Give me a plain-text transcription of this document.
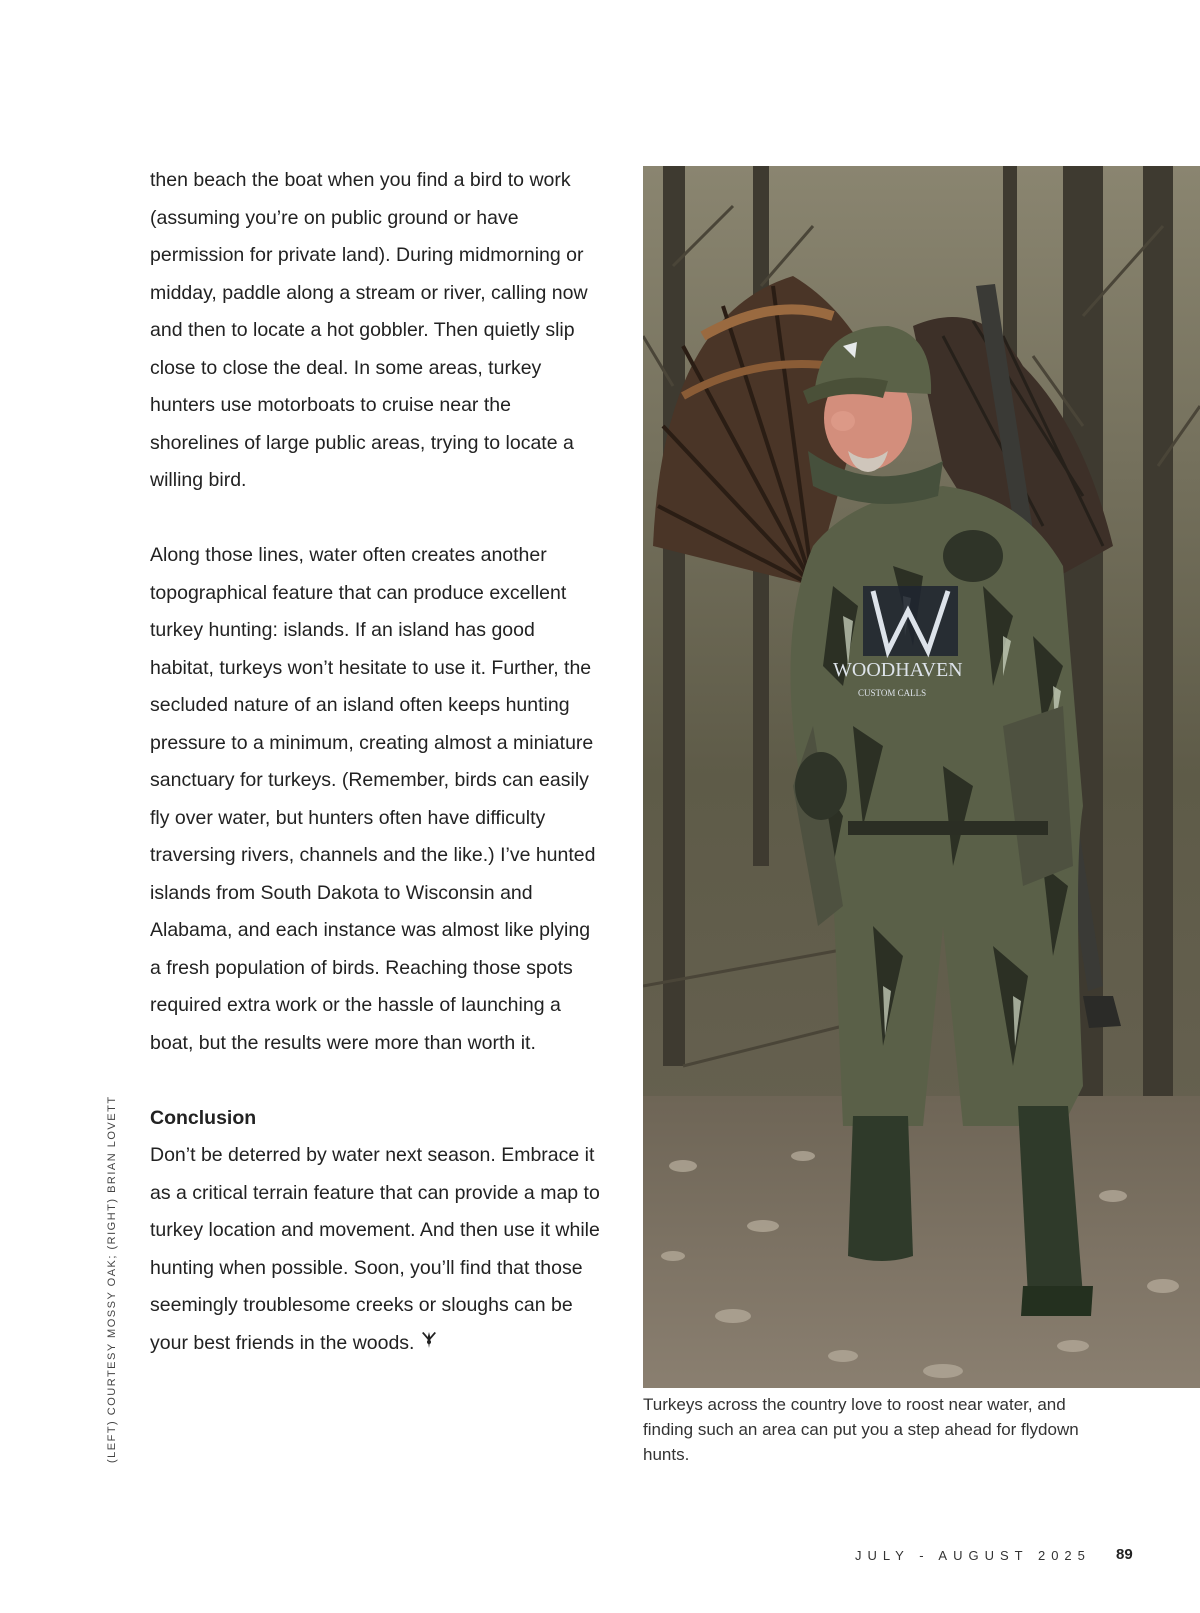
then beach the boat when you find a bird to work (assuming you’re on public ground or have permission for private land). During midmorning or midday, paddle along a stream or river, calling now and then to locate a hot gobbler. Then quietly slip close to close the deal. In some areas, turkey hunters use motorboats to cruise near the shorelines of large public areas, trying to locate a willing bird.

Along those lines, water often creates another topographical feature that can produce excellent turkey hunting: islands. If an island has good habitat, turkeys won’t hesitate to use it. Further, the secluded nature of an island often keeps hunting pressure to a minimum, creating almost a miniature sanctuary for turkeys. (Remember, birds can easily fly over water, but hunters often have difficulty traversing rivers, channels and the like.) I’ve hunted islands from South Dakota to Wisconsin and Alabama, and each instance was almost like plying a fresh population of birds. Reaching those spots required extra work or the hassle of launching a boat, but the results were more than worth it.

Conclusion

Don’t be deterred by water next season. Embrace it as a critical terrain feature that can provide a map to turkey location and movement. And then use it while hunting when possible. Soon, you’ll find that those seemingly troublesome creeks or sloughs can be your best friends in the woods.

(LEFT) COURTESY MOSSY OAK; (RIGHT) BRIAN LOVETT
WOODHAVEN
CUSTOM CALLS
Turkeys across the country love to roost near water, and finding such an area can put you a step ahead for flydown hunts.
JULY - AUGUST 2025 89
